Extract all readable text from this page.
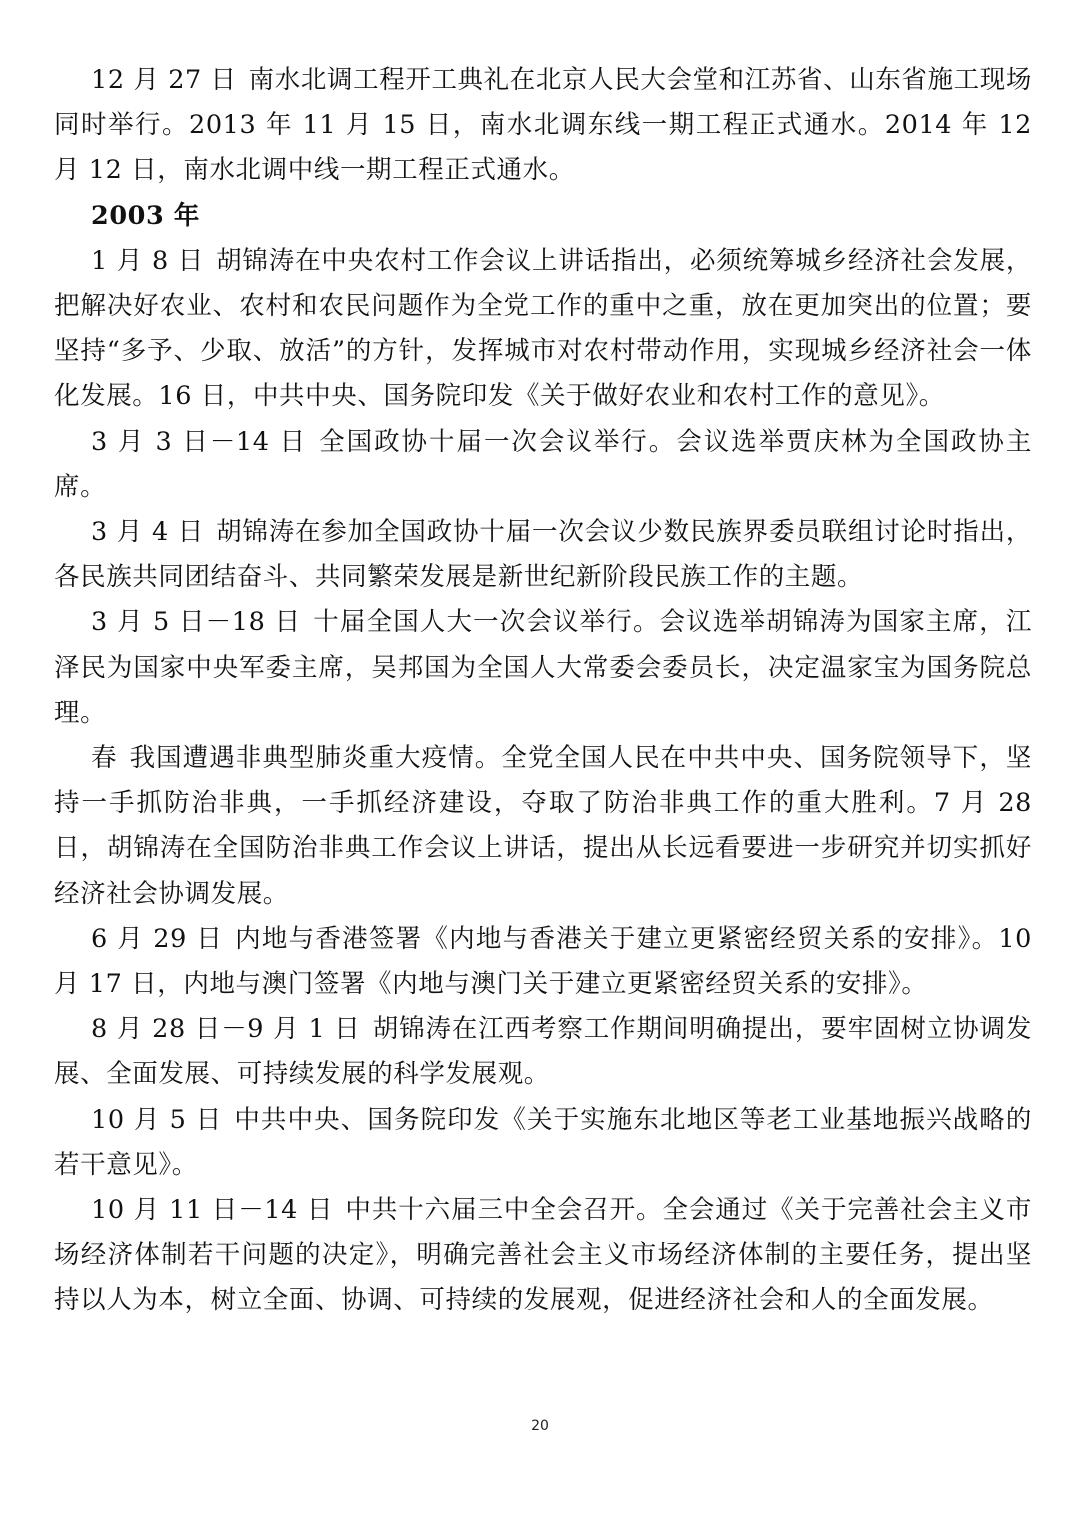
12 月 27 日 南水北调工程开工典礼在北京人民大会堂和江苏省、山东省施工现场同时举行。2013 年 11 月 15 日，南水北调东线一期工程正式通水。2014 年 12 月 12 日，南水北调中线一期工程正式通水。

2003 年

1 月 8 日 胡锦涛在中央农村工作会议上讲话指出，必须统筹城乡经济社会发展，把解决好农业、农村和农民问题作为全党工作的重中之重，放在更加突出的位置；要坚持“多予、少取、放活”的方针，发挥城市对农村带动作用，实现城乡经济社会一体化发展。16 日，中共中央、国务院印发《关于做好农业和农村工作的意见》。

3 月 3 日－14 日 全国政协十届一次会议举行。会议选举贾庆林为全国政协主席。

3 月 4 日 胡锦涛在参加全国政协十届一次会议少数民族界委员联组讨论时指出，各民族共同团结奋斗、共同繁荣发展是新世纪新阶段民族工作的主题。

3 月 5 日－18 日 十届全国人大一次会议举行。会议选举胡锦涛为国家主席，江泽民为国家中央军委主席，吴邦国为全国人大常委会委员长，决定温家宝为国务院总理。

春 我国遭遇非典型肺炎重大疫情。全党全国人民在中共中央、国务院领导下，坚持一手抓防治非典，一手抓经济建设，夺取了防治非典工作的重大胜利。7 月 28 日，胡锦涛在全国防治非典工作会议上讲话，提出从长远看要进一步研究并切实抓好经济社会协调发展。

6 月 29 日 内地与香港签署《内地与香港关于建立更紧密经贸关系的安排》。10 月 17 日，内地与澳门签署《内地与澳门关于建立更紧密经贸关系的安排》。

8 月 28 日－9 月 1 日 胡锦涛在江西考察工作期间明确提出，要牢固树立协调发展、全面发展、可持续发展的科学发展观。

10 月 5 日 中共中央、国务院印发《关于实施东北地区等老工业基地振兴战略的若干意见》。

10 月 11 日－14 日 中共十六届三中全会召开。全会通过《关于完善社会主义市场经济体制若干问题的决定》，明确完善社会主义市场经济体制的主要任务，提出坚持以人为本，树立全面、协调、可持续的发展观，促进经济社会和人的全面发展。

20
